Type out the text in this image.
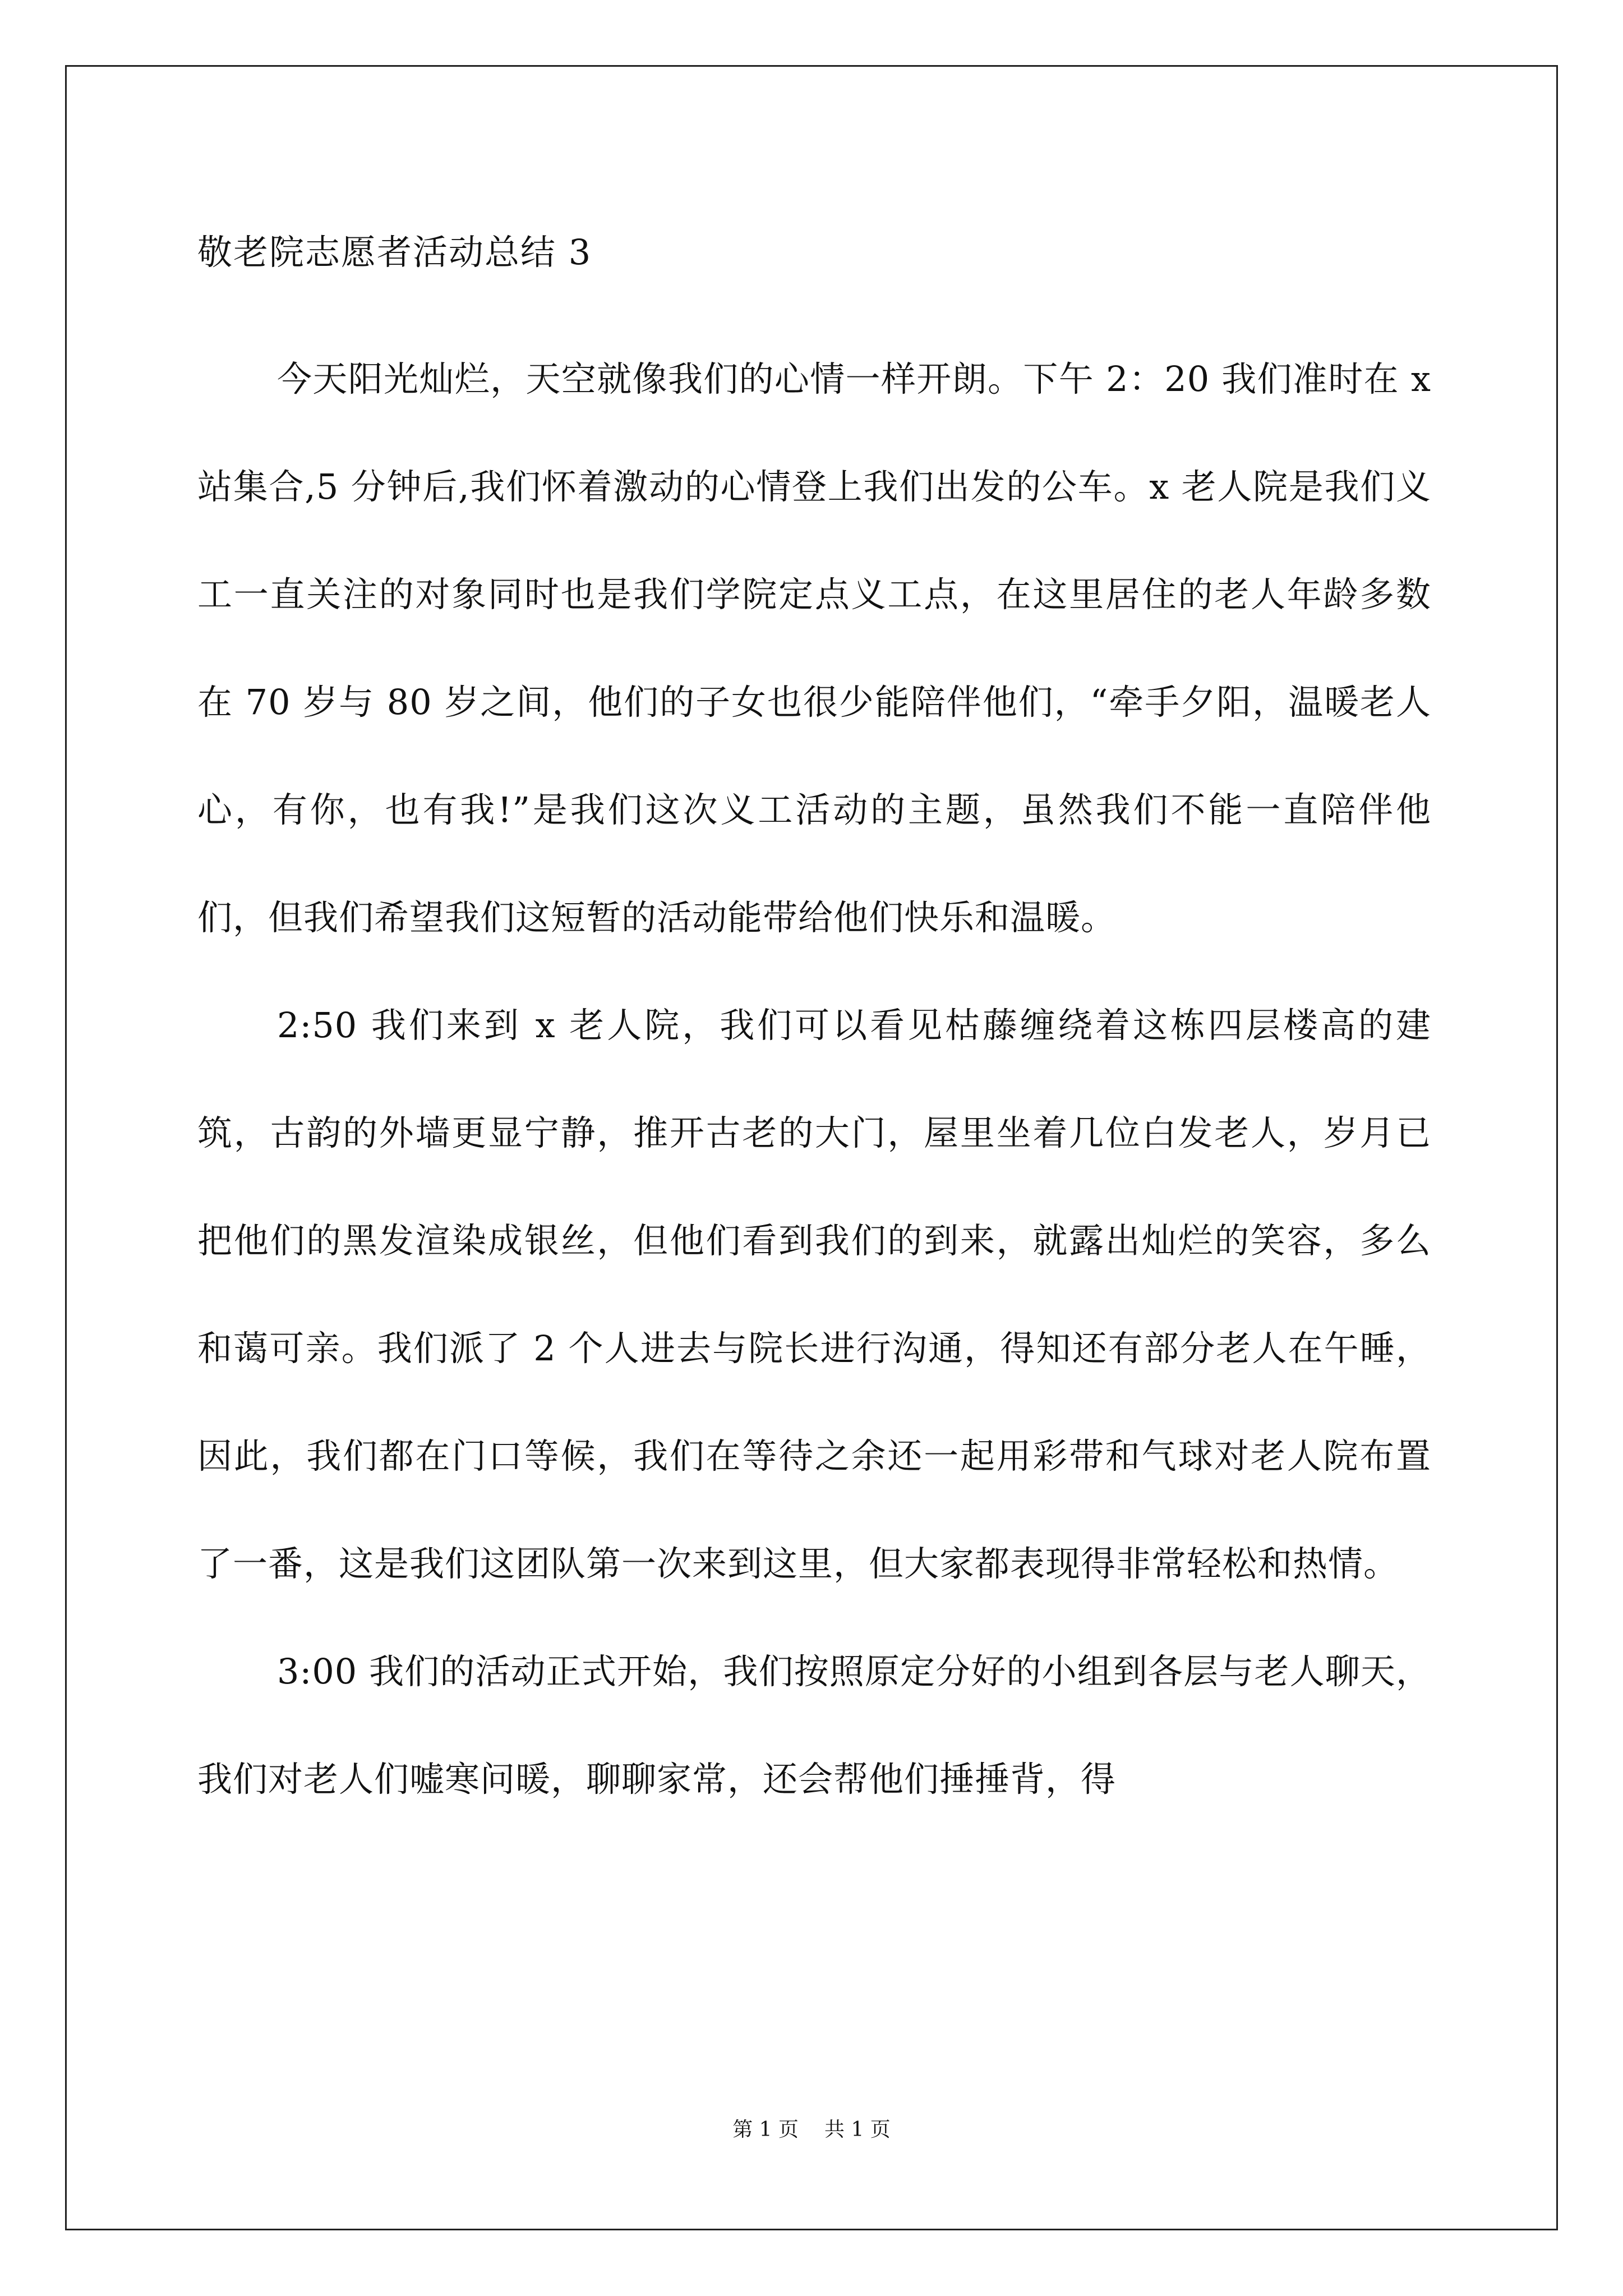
敬老院志愿者活动总结 3

今天阳光灿烂，天空就像我们的心情一样开朗。下午 2：20 我们准时在 x 站集合,5 分钟后,我们怀着激动的心情登上我们出发的公车。x 老人院是我们义工一直关注的对象同时也是我们学院定点义工点，在这里居住的老人年龄多数在 70 岁与 80 岁之间，他们的子女也很少能陪伴他们，“牵手夕阳，温暖老人心，有你，也有我!”是我们这次义工活动的主题，虽然我们不能一直陪伴他们，但我们希望我们这短暂的活动能带给他们快乐和温暖。

2:50 我们来到 x 老人院，我们可以看见枯藤缠绕着这栋四层楼高的建筑，古韵的外墙更显宁静，推开古老的大门，屋里坐着几位白发老人，岁月已把他们的黑发渲染成银丝，但他们看到我们的到来，就露出灿烂的笑容，多么和蔼可亲。我们派了 2 个人进去与院长进行沟通，得知还有部分老人在午睡，因此，我们都在门口等候，我们在等待之余还一起用彩带和气球对老人院布置了一番，这是我们这团队第一次来到这里，但大家都表现得非常轻松和热情。

3:00 我们的活动正式开始，我们按照原定分好的小组到各层与老人聊天，我们对老人们嘘寒问暖，聊聊家常，还会帮他们捶捶背，得

第 1 页 共 1 页
